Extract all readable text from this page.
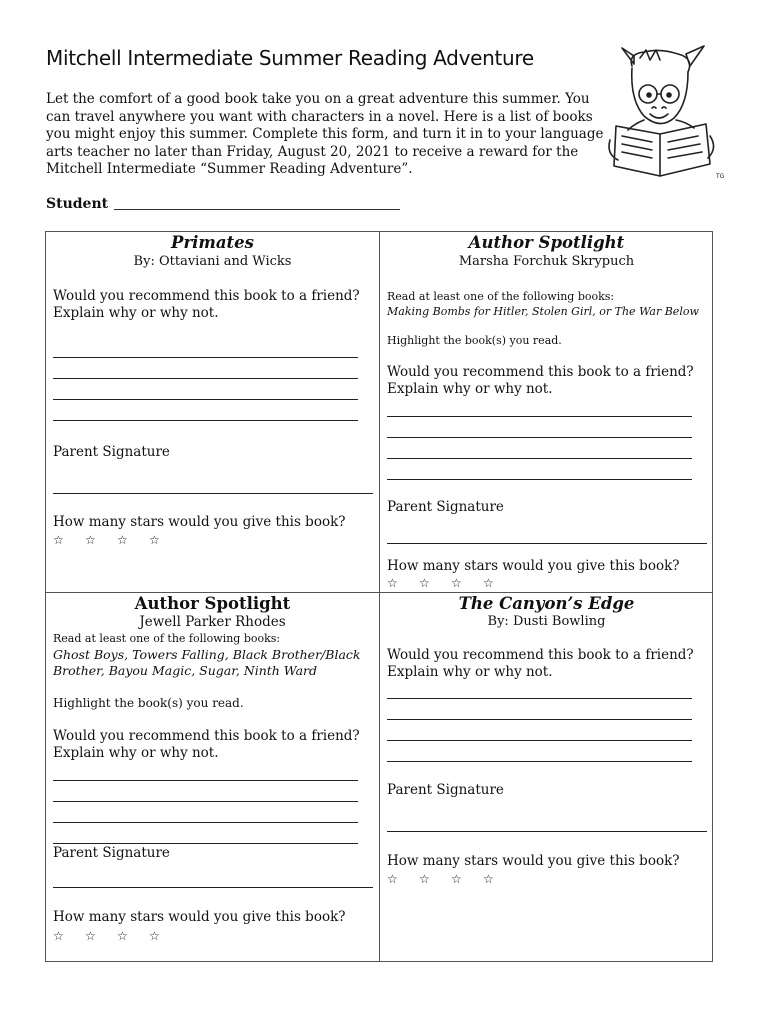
Mitchell Intermediate Summer Reading Adventure
Let the comfort of a good book take you on a great adventure this summer. You
can travel anywhere you want with characters in a novel. Here is a list of books
you might enjoy this summer. Complete this form, and turn it in to your language
arts teacher no later than Friday, August 20, 2021 to receive a reward for the
Mitchell Intermediate “Summer Reading Adventure”.
Student
TG
Primates
By: Ottaviani and Wicks
Would you recommend this book to a friend?
Explain why or why not.
Parent Signature
How many stars would you give this book?
☆ ☆ ☆ ☆
Author Spotlight
Marsha Forchuk Skrypuch
Read at least one of the following books:
Making Bombs for Hitler, Stolen Girl, or The War Below
Highlight the book(s) you read.
Would you recommend this book to a friend?
Explain why or why not.
Parent Signature
How many stars would you give this book?
☆ ☆ ☆ ☆
Author Spotlight
Jewell Parker Rhodes
Read at least one of the following books:
Ghost Boys, Towers Falling, Black Brother/Black
Brother, Bayou Magic, Sugar, Ninth Ward
Highlight the book(s) you read.
Would you recommend this book to a friend?
Explain why or why not.
Parent Signature
How many stars would you give this book?
☆ ☆ ☆ ☆
The Canyon’s Edge
By: Dusti Bowling
Would you recommend this book to a friend?
Explain why or why not.
Parent Signature
How many stars would you give this book?
☆ ☆ ☆ ☆
